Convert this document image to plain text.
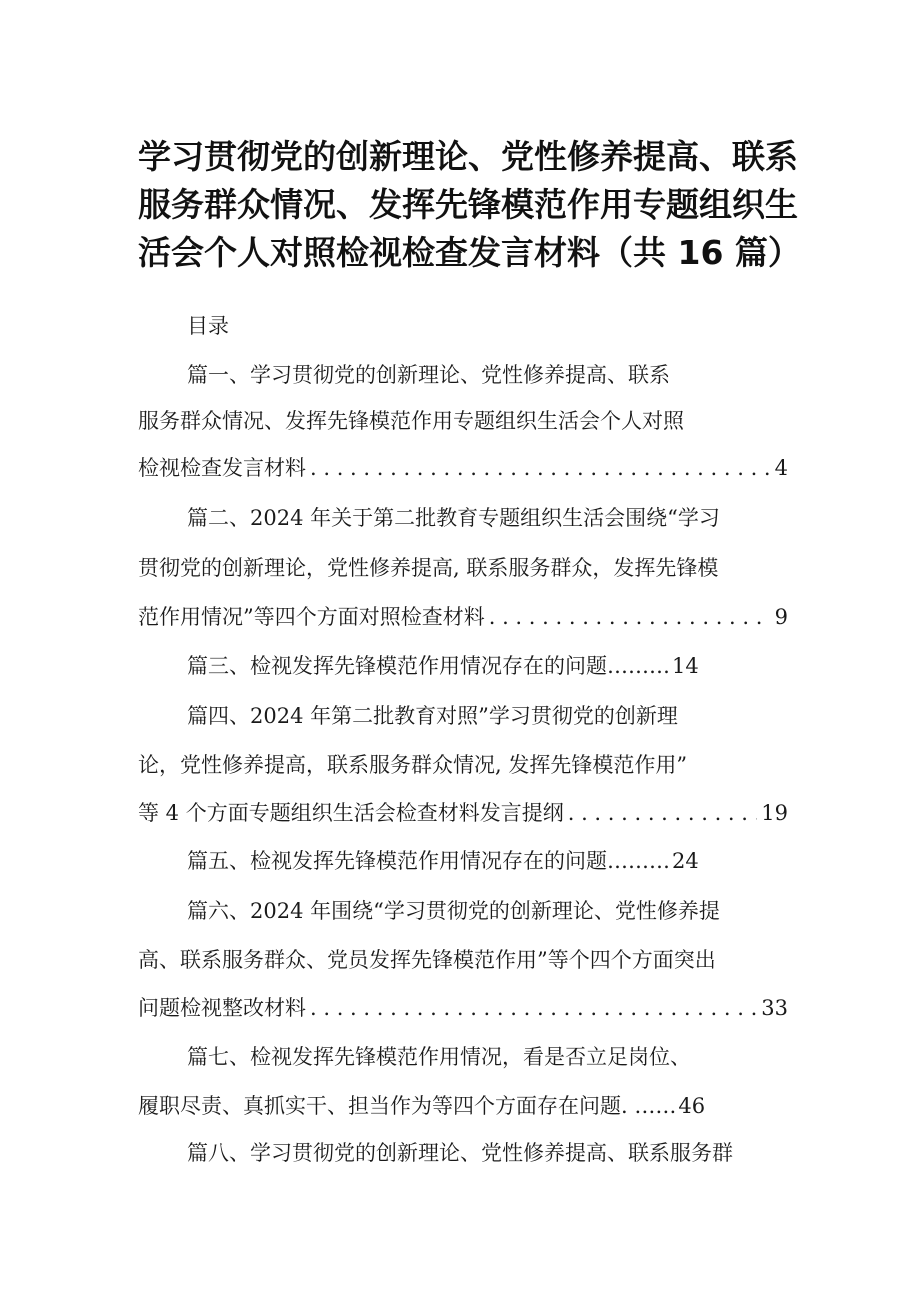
学习贯彻党的创新理论、党性修养提高、联系
服务群众情况、发挥先锋模范作用专题组织生
活会个人对照检视检查发言材料（共 16 篇）
目录
篇一、学习贯彻党的创新理论、党性修养提高、联系
服务群众情况、发挥先锋模范作用专题组织生活会个人对照
检视检查发言材料 . . .	4
篇二、2024 年关于第二批教育专题组织生活会围绕“学习
贯彻党的创新理论，党性修养提高, 联系服务群众，发挥先锋模
范作用情况”等四个方面对照检查材料 . . .	9
篇三、检视发挥先锋模范作用情况存在的问题……… 14
篇四、2024 年第二批教育对照”学习贯彻党的创新理
论，党性修养提高，联系服务群众情况, 发挥先锋模范作用”
等 4 个方面专题组织生活会检查材料发言提纲 . . .	19
篇五、检视发挥先锋模范作用情况存在的问题……… 24
篇六、2024 年围绕“学习贯彻党的创新理论、党性修养提
高、联系服务群众、党员发挥先锋模范作用”等个四个方面突出
问题检视整改材料 . . .	33
篇七、检视发挥先锋模范作用情况，看是否立足岗位、
履职尽责、真抓实干、担当作为等四个方面存在问题. …… 46
篇八、学习贯彻党的创新理论、党性修养提高、联系服务群
